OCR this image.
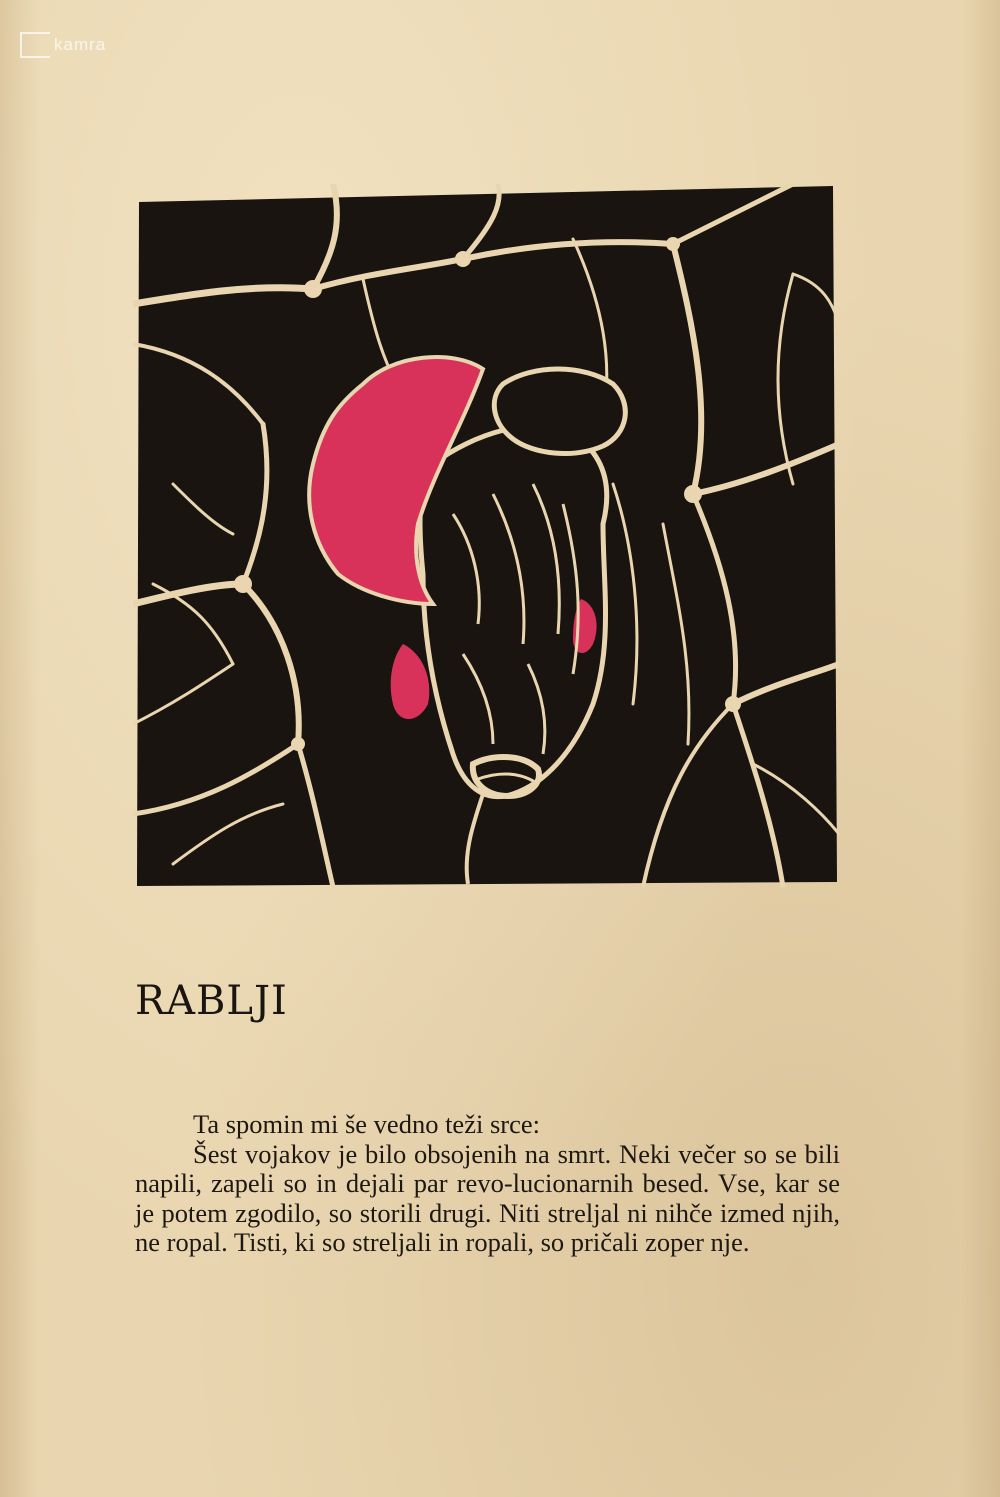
kamra
RABLJI

Ta spomin mi še vedno teži srce:

Šest vojakov je bilo obsojenih na smrt. Neki večer so se bili napili, zapeli so in dejali par revo‑lucionarnih besed. Vse, kar se je potem zgodilo, so storili drugi. Niti streljal ni nihče izmed njih, ne ropal. Tisti, ki so streljali in ropali, so pričali zoper nje.
